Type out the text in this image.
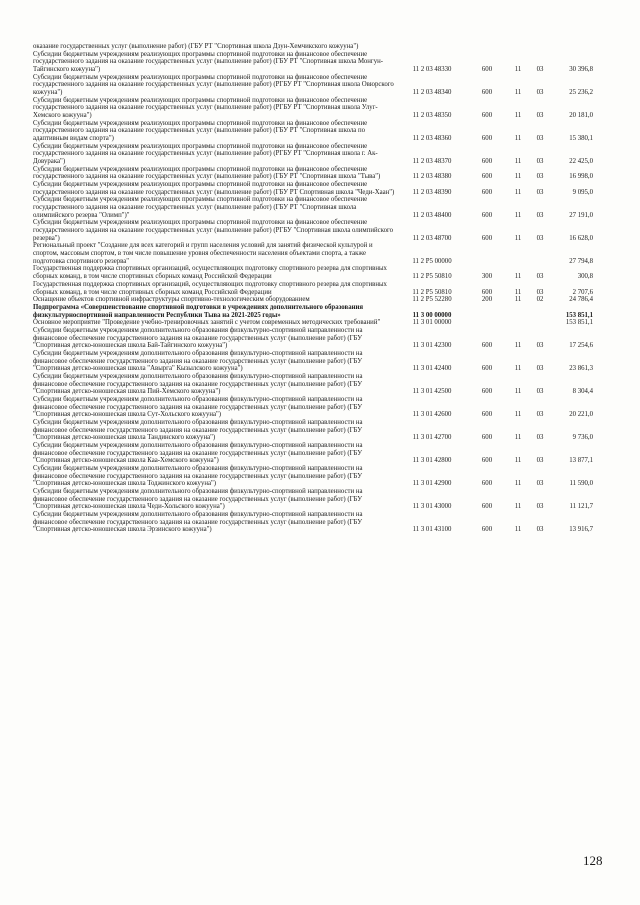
оказание государственных услуг (выполнение работ) (ГБУ РТ "Спортивная школа Дзун-Хемчикского кожууна")					
Субсидии бюджетным учреждениям реализующих программы спортивной подготовки на финансовое обеспечение государственного задания на оказание государственных услуг (выполнение работ) (ГБУ РТ "Спортивная школа Монгун-Тайгинского кожууна")	11 2 03 48330	600	11	03	30 396,8
Субсидии бюджетным учреждениям реализующих программы спортивной подготовки на финансовое обеспечение государственного задания на оказание государственных услуг (выполнение работ) (РГБУ РТ "Спортивная школа Овюрского кожууна")	11 2 03 48340	600	11	03	25 236,2
Субсидии бюджетным учреждениям реализующих программы спортивной подготовки на финансовое обеспечение государственного задания на оказание государственных услуг (выполнение работ) (РГБУ РТ "Спортивная школа Улуг-Хемского кожууна")	11 2 03 48350	600	11	03	20 181,0
Субсидии бюджетным учреждениям реализующих программы спортивной подготовки на финансовое обеспечение государственного задания на оказание государственных услуг (выполнение работ) (ГБУ РТ "Спортивная школа по адаптивным видам спорта")	11 2 03 48360	600	11	03	15 380,1
Субсидии бюджетным учреждениям реализующих программы спортивной подготовки на финансовое обеспечение государственного задания на оказание государственных услуг (выполнение работ) (РГБУ РТ "Спортивная школа г. Ак-Довурака")	11 2 03 48370	600	11	03	22 425,0
Субсидии бюджетным учреждениям реализующих программы спортивной подготовки на финансовое обеспечение государственного задания на оказание государственных услуг (выполнение работ) (ГБУ РТ "Спортивная школа "Тыва")	11 2 03 48380	600	11	03	16 998,0
Субсидии бюджетным учреждениям реализующих программы спортивной подготовки на финансовое обеспечение государственного задания на оказание государственных услуг (выполнение работ) (ГБУ РТ Спортивная школа "Чеди-Хаан")	11 2 03 48390	600	11	03	9 095,0
Субсидии бюджетным учреждениям реализующих программы спортивной подготовки на финансовое обеспечение государственного задания на оказание государственных услуг (выполнение работ) (ГБУ РТ "Спортивная школа олимпийского резерва "Олимп")"	11 2 03 48400	600	11	03	27 191,0
Субсидии бюджетным учреждениям реализующих программы спортивной подготовки на финансовое обеспечение государственного задания на оказание государственных услуг (выполнение работ) (РГБУ "Спортивная школа олимпийского резерва")	11 2 03 48700	600	11	03	16 628,0
Региональный проект "Создание для всех категорий и групп населения условий для занятий физической культурой и спортом, массовым спортом, в том числе повышение уровня обеспеченности населения объектами спорта, а также подготовка спортивного резерва"	11 2 P5 00000				27 794,8
Государственная поддержка спортивных организаций, осуществляющих подготовку спортивного резерва для спортивных сборных команд, в том числе спортивных сборных команд Российской Федерации	11 2 P5 50810	300	11	03	300,8
Государственная поддержка спортивных организаций, осуществляющих подготовку спортивного резерва для спортивных сборных команд, в том числе спортивных сборных команд Российской Федерации	11 2 P5 50810	600	11	03	2 707,6
Оснащение объектов спортивной инфраструктуры спортивно-технологическим оборудованием	11 2 P5 52280	200	11	02	24 786,4
Подпрограмма «Совершенствование спортивной подготовки в учреждениях дополнительного образования физкультурноспортивной направленности Республики Тыва на 2021-2025 годы»	11 3 00 00000				153 851,1
Основное мероприятие "Проведение учебно-тренировочных занятий с учетом современных методических требований"	11 3 01 00000				153 851,1
Субсидии бюджетным учреждениям дополнительного образования физкультурно-спортивной направленности на финансовое обеспечение государственного задания на оказание государственных услуг (выполнение работ) (ГБУ "Спортивная детско-юношеская школа Бай-Тайгинского кожууна")	11 3 01 42300	600	11	03	17 254,6
Субсидии бюджетным учреждениям дополнительного образования физкультурно-спортивной направленности на финансовое обеспечение государственного задания на оказание государственных услуг (выполнение работ) (ГБУ "Спортивная детско-юношеская школа "Авырга" Кызылского кожууна")	11 3 01 42400	600	11	03	23 861,3
Субсидии бюджетным учреждениям дополнительного образования физкультурно-спортивной направленности на финансовое обеспечение государственного задания на оказание государственных услуг (выполнение работ) (ГБУ "Спортивная детско-юношеская школа Пий-Хемского кожууна")	11 3 01 42500	600	11	03	8 304,4
Субсидии бюджетным учреждениям дополнительного образования физкультурно-спортивной направленности на финансовое обеспечение государственного задания на оказание государственных услуг (выполнение работ) (ГБУ "Спортивная детско-юношеская школа Сут-Хольского кожууна")	11 3 01 42600	600	11	03	20 221,0
Субсидии бюджетным учреждениям дополнительного образования физкультурно-спортивной направленности на финансовое обеспечение государственного задания на оказание государственных услуг (выполнение работ) (ГБУ "Спортивная детско-юношеская школа Тандинского кожууна")	11 3 01 42700	600	11	03	9 736,0
Субсидии бюджетным учреждениям дополнительного образования физкультурно-спортивной направленности на финансовое обеспечение государственного задания на оказание государственных услуг (выполнение работ) (ГБУ "Спортивная детско-юношеская школа Каа-Хемского кожууна")	11 3 01 42800	600	11	03	13 877,1
Субсидии бюджетным учреждениям дополнительного образования физкультурно-спортивной направленности на финансовое обеспечение государственного задания на оказание государственных услуг (выполнение работ) (ГБУ "Спортивная детско-юношеская школа Тоджинского кожууна")	11 3 01 42900	600	11	03	11 590,0
Субсидии бюджетным учреждениям дополнительного образования физкультурно-спортивной направленности на финансовое обеспечение государственного задания на оказание государственных услуг (выполнение работ) (ГБУ "Спортивная детско-юношеская школа Чеди-Хольского кожууна")	11 3 01 43000	600	11	03	11 121,7
Субсидии бюджетным учреждениям дополнительного образования физкультурно-спортивной направленности на финансовое обеспечение государственного задания на оказание государственных услуг (выполнение работ) (ГБУ "Спортивная детско-юношеская школа Эрзинского кожууна")	11 3 01 43100	600	11	03	13 916,7
128
